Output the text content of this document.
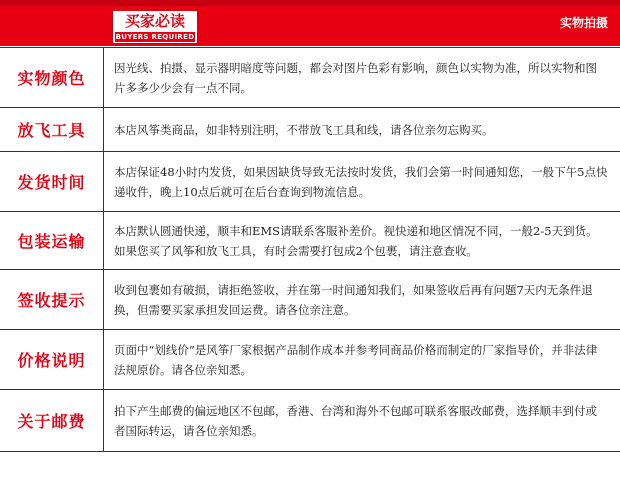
买家必读
BUYERS REQUIRED
实物拍摄
实物颜色
因光线、拍摄、显示器明暗度等问题，都会对图片色彩有影响，颜色以实物为准，所以实物和图片多多少少会有一点不同。
放飞工具	本店风筝类商品，如非特别注明，不带放飞工具和线，请各位亲勿忘购买。
发货时间
本店保证48小时内发货，如果因缺货导致无法按时发货，我们会第一时间通知您，一般下午5点快递收件，晚上10点后就可在后台查询到物流信息。
包装运输
本店默认圆通快递，顺丰和EMS请联系客服补差价。视快递和地区情况不同，一般2-5天到货。如果您买了风筝和放飞工具，有时会需要打包成2个包裹，请注意查收。
签收提示
收到包裹如有破损，请拒绝签收，并在第一时间通知我们，如果签收后再有问题7天内无条件退换，但需要买家承担发回运费。请各位亲注意。
价格说明
页面中“划线价”是风筝厂家根据产品制作成本并参考同商品价格而制定的厂家指导价，并非法律法规原价。请各位亲知悉。
关于邮费
拍下产生邮费的偏远地区不包邮，香港、台湾和海外不包邮可联系客服改邮费，选择顺丰到付或者国际转运，请各位亲知悉。
